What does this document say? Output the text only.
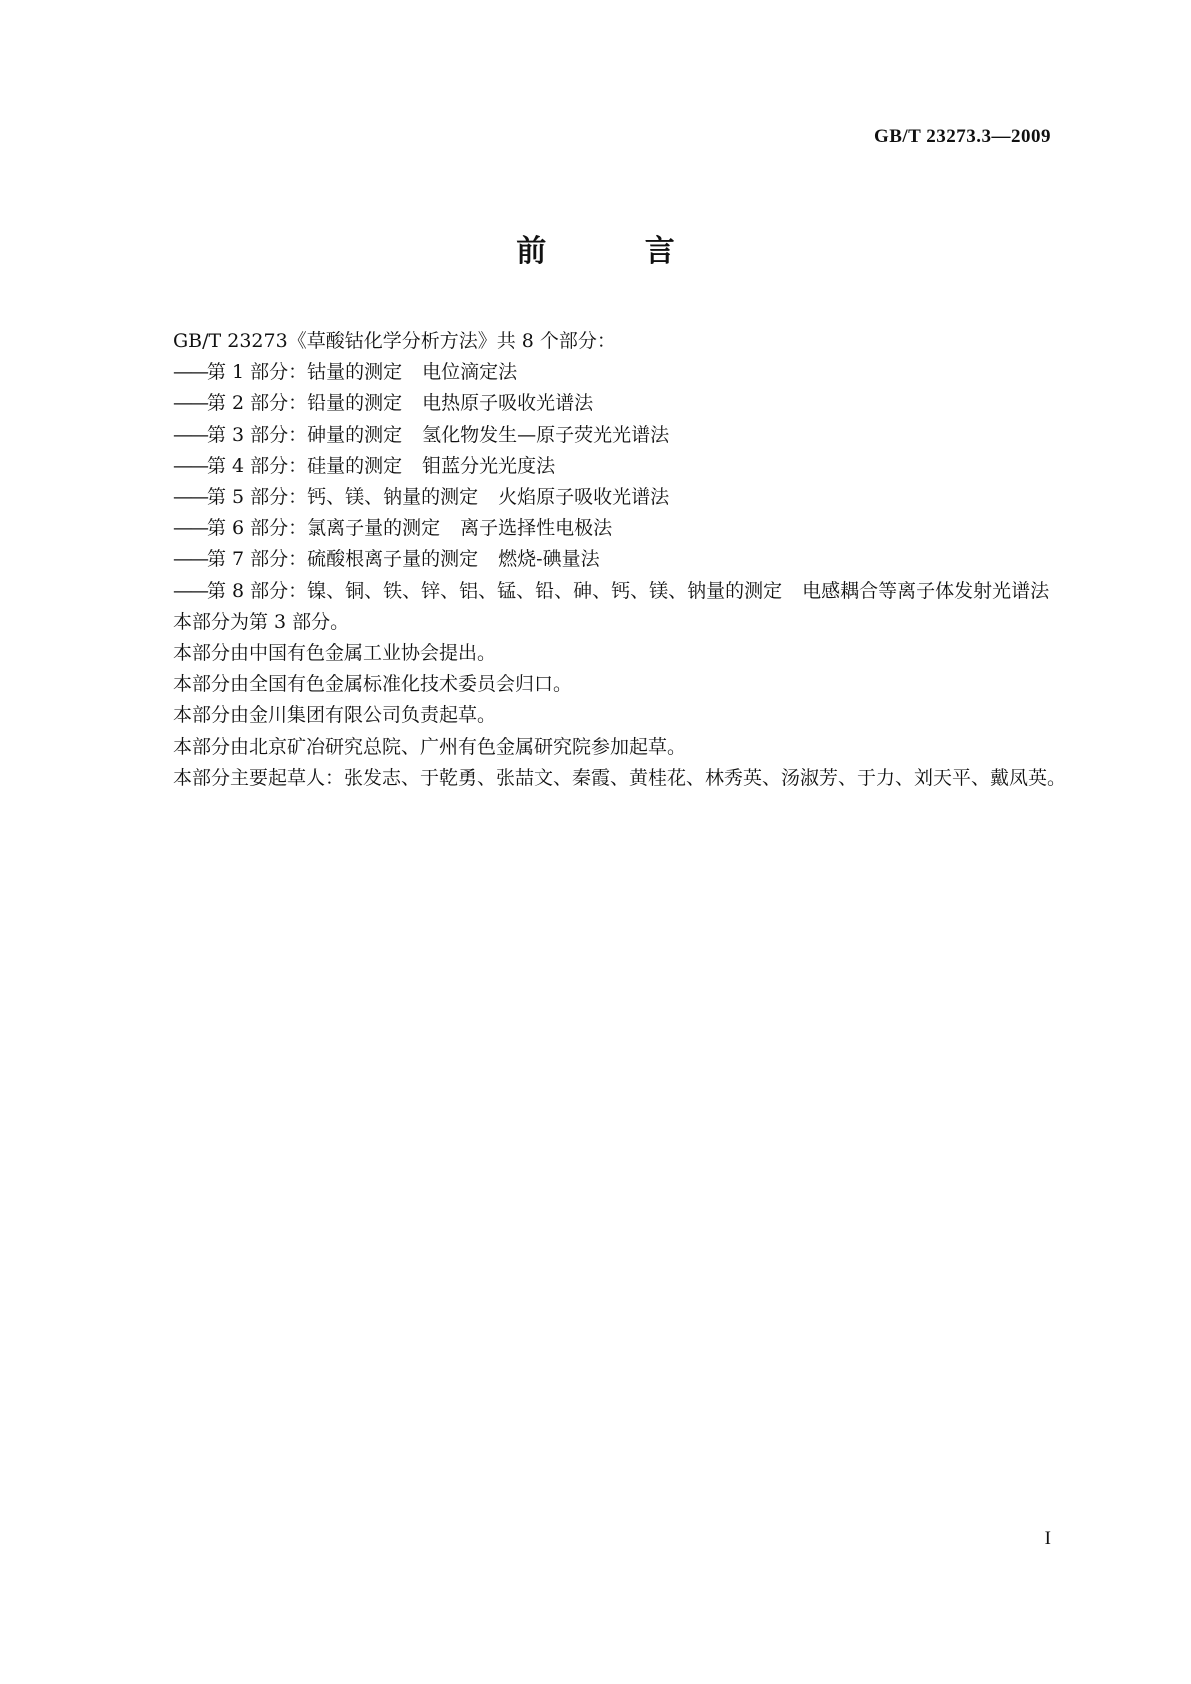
GB/T 23273.3—2009
前 言

GB/T 23273《草酸钴化学分析方法》共 8 个部分：

——第 1 部分：钴量的测定 电位滴定法

——第 2 部分：铅量的测定 电热原子吸收光谱法

——第 3 部分：砷量的测定 氢化物发生—原子荧光光谱法

——第 4 部分：硅量的测定 钼蓝分光光度法

——第 5 部分：钙、镁、钠量的测定 火焰原子吸收光谱法

——第 6 部分：氯离子量的测定 离子选择性电极法

——第 7 部分：硫酸根离子量的测定 燃烧-碘量法

——第 8 部分：镍、铜、铁、锌、铝、锰、铅、砷、钙、镁、钠量的测定 电感耦合等离子体发射光谱法

本部分为第 3 部分。

本部分由中国有色金属工业协会提出。

本部分由全国有色金属标准化技术委员会归口。

本部分由金川集团有限公司负责起草。

本部分由北京矿冶研究总院、广州有色金属研究院参加起草。

本部分主要起草人：张发志、于乾勇、张喆文、秦霞、黄桂花、林秀英、汤淑芳、于力、刘天平、戴凤英。

I
